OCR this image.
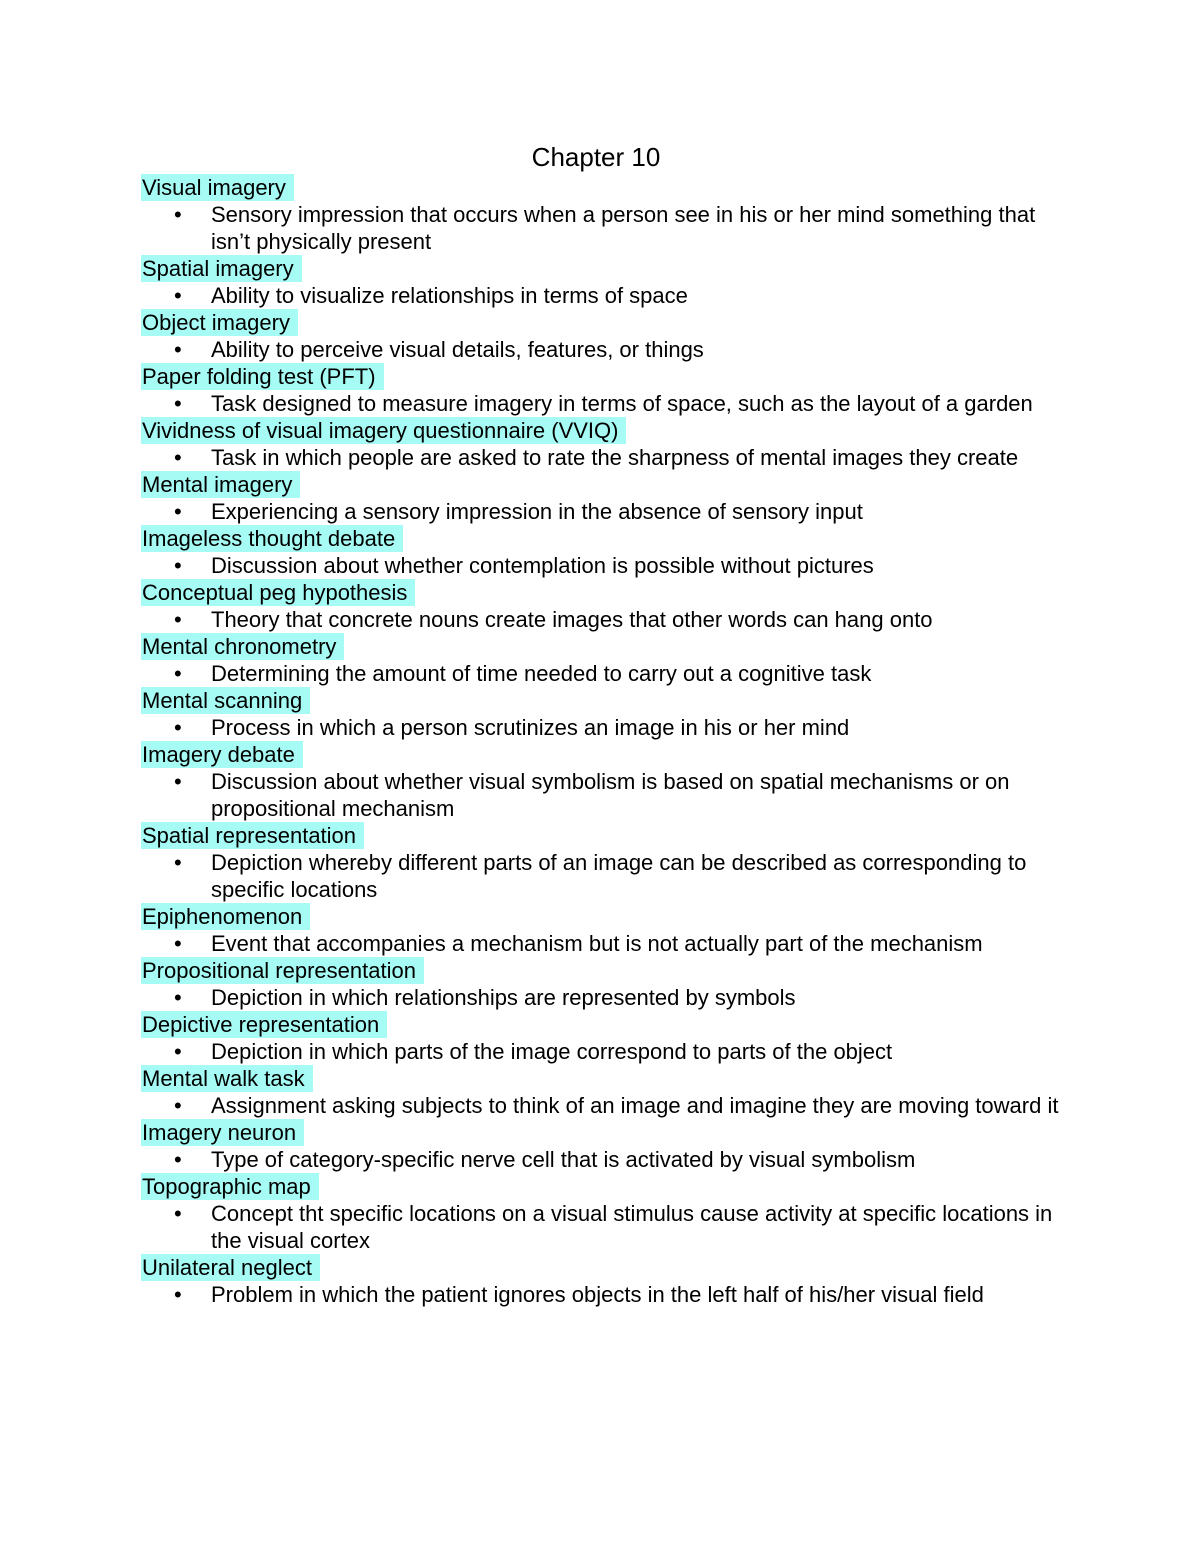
Chapter 10
Visual imagery
• Sensory impression that occurs when a person see in his or her mind something that isn’t physically present
Spatial imagery
• Ability to visualize relationships in terms of space
Object imagery
• Ability to perceive visual details, features, or things
Paper folding test (PFT)
• Task designed to measure imagery in terms of space, such as the layout of a garden
Vividness of visual imagery questionnaire (VVIQ)
• Task in which people are asked to rate the sharpness of mental images they create
Mental imagery
• Experiencing a sensory impression in the absence of sensory input
Imageless thought debate
• Discussion about whether contemplation is possible without pictures
Conceptual peg hypothesis
• Theory that concrete nouns create images that other words can hang onto
Mental chronometry
• Determining the amount of time needed to carry out a cognitive task
Mental scanning
• Process in which a person scrutinizes an image in his or her mind
Imagery debate
• Discussion about whether visual symbolism is based on spatial mechanisms or on propositional mechanism
Spatial representation
• Depiction whereby different parts of an image can be described as corresponding to specific locations
Epiphenomenon
• Event that accompanies a mechanism but is not actually part of the mechanism
Propositional representation
• Depiction in which relationships are represented by symbols
Depictive representation
• Depiction in which parts of the image correspond to parts of the object
Mental walk task
• Assignment asking subjects to think of an image and imagine they are moving toward it
Imagery neuron
• Type of category-specific nerve cell that is activated by visual symbolism
Topographic map
• Concept tht specific locations on a visual stimulus cause activity at specific locations in the visual cortex
Unilateral neglect
• Problem in which the patient ignores objects in the left half of his/her visual field
